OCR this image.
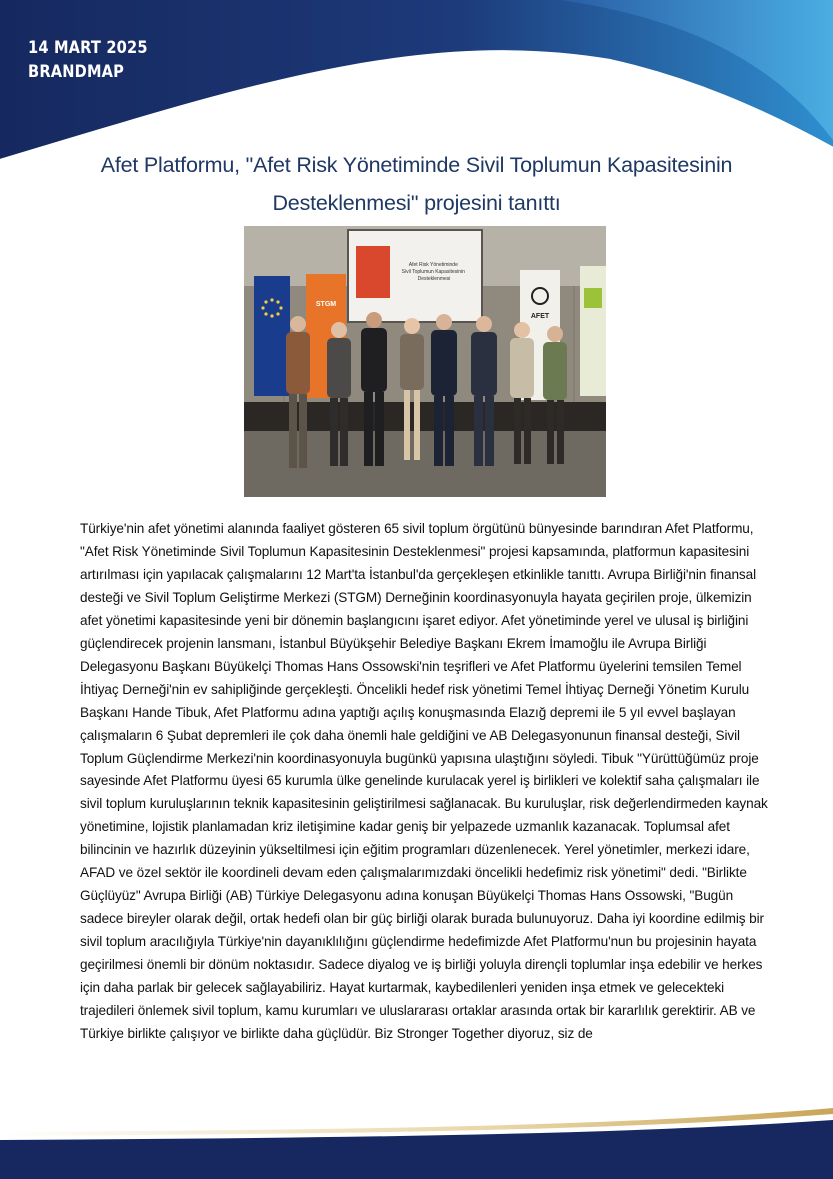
14 MART 2025
BRANDMAP
Afet Platformu, "Afet Risk Yönetiminde Sivil Toplumun Kapasitesinin Desteklenmesi" projesini tanıttı
Afet Risk Yönetiminde Sivil Toplumun Kapasitesinin Desteklenmesi
STGM
AFET
Türkiye'nin afet yönetimi alanında faaliyet gösteren 65 sivil toplum örgütünü bünyesinde barındıran Afet Platformu, "Afet Risk Yönetiminde Sivil Toplumun Kapasitesinin Desteklenmesi" projesi kapsamında, platformun kapasitesini artırılması için yapılacak çalışmalarını 12 Mart'ta İstanbul'da gerçekleşen etkinlikle tanıttı. Avrupa Birliği'nin finansal desteği ve Sivil Toplum Geliştirme Merkezi (STGM) Derneğinin koordinasyonuyla hayata geçirilen proje, ülkemizin afet yönetimi kapasitesinde yeni bir dönemin başlangıcını işaret ediyor. Afet yönetiminde yerel ve ulusal iş birliğini güçlendirecek projenin lansmanı, İstanbul Büyükşehir Belediye Başkanı Ekrem İmamoğlu ile Avrupa Birliği Delegasyonu Başkanı Büyükelçi Thomas Hans Ossowski'nin teşrifleri ve Afet Platformu üyelerini temsilen Temel İhtiyaç Derneği'nin ev sahipliğinde gerçekleşti. Öncelikli hedef risk yönetimi Temel İhtiyaç Derneği Yönetim Kurulu Başkanı Hande Tibuk, Afet Platformu adına yaptığı açılış konuşmasında Elazığ depremi ile 5 yıl evvel başlayan çalışmaların 6 Şubat depremleri ile çok daha önemli hale geldiğini ve AB Delegasyonunun finansal desteği, Sivil Toplum Güçlendirme Merkezi'nin koordinasyonuyla bugünkü yapısına ulaştığını söyledi. Tibuk "Yürüttüğümüz proje sayesinde Afet Platformu üyesi 65 kurumla ülke genelinde kurulacak yerel iş birlikleri ve kolektif saha çalışmaları ile sivil toplum kuruluşlarının teknik kapasitesinin geliştirilmesi sağlanacak. Bu kuruluşlar, risk değerlendirmeden kaynak yönetimine, lojistik planlamadan kriz iletişimine kadar geniş bir yelpazede uzmanlık kazanacak. Toplumsal afet bilincinin ve hazırlık düzeyinin yükseltilmesi için eğitim programları düzenlenecek. Yerel yönetimler, merkezi idare, AFAD ve özel sektör ile koordineli devam eden çalışmalarımızdaki öncelikli hedefimiz risk yönetimi" dedi. "Birlikte Güçlüyüz" Avrupa Birliği (AB) Türkiye Delegasyonu adına konuşan Büyükelçi Thomas Hans Ossowski, "Bugün sadece bireyler olarak değil, ortak hedefi olan bir güç birliği olarak burada bulunuyoruz. Daha iyi koordine edilmiş bir sivil toplum aracılığıyla Türkiye'nin dayanıklılığını güçlendirme hedefimizde Afet Platformu'nun bu projesinin hayata geçirilmesi önemli bir dönüm noktasıdır. Sadece diyalog ve iş birliği yoluyla dirençli toplumlar inşa edebilir ve herkes için daha parlak bir gelecek sağlayabiliriz. Hayat kurtarmak, kaybedilenleri yeniden inşa etmek ve gelecekteki trajedileri önlemek sivil toplum, kamu kurumları ve uluslararası ortaklar arasında ortak bir kararlılık gerektirir. AB ve Türkiye birlikte çalışıyor ve birlikte daha güçlüdür. Biz Stronger Together diyoruz, siz de
